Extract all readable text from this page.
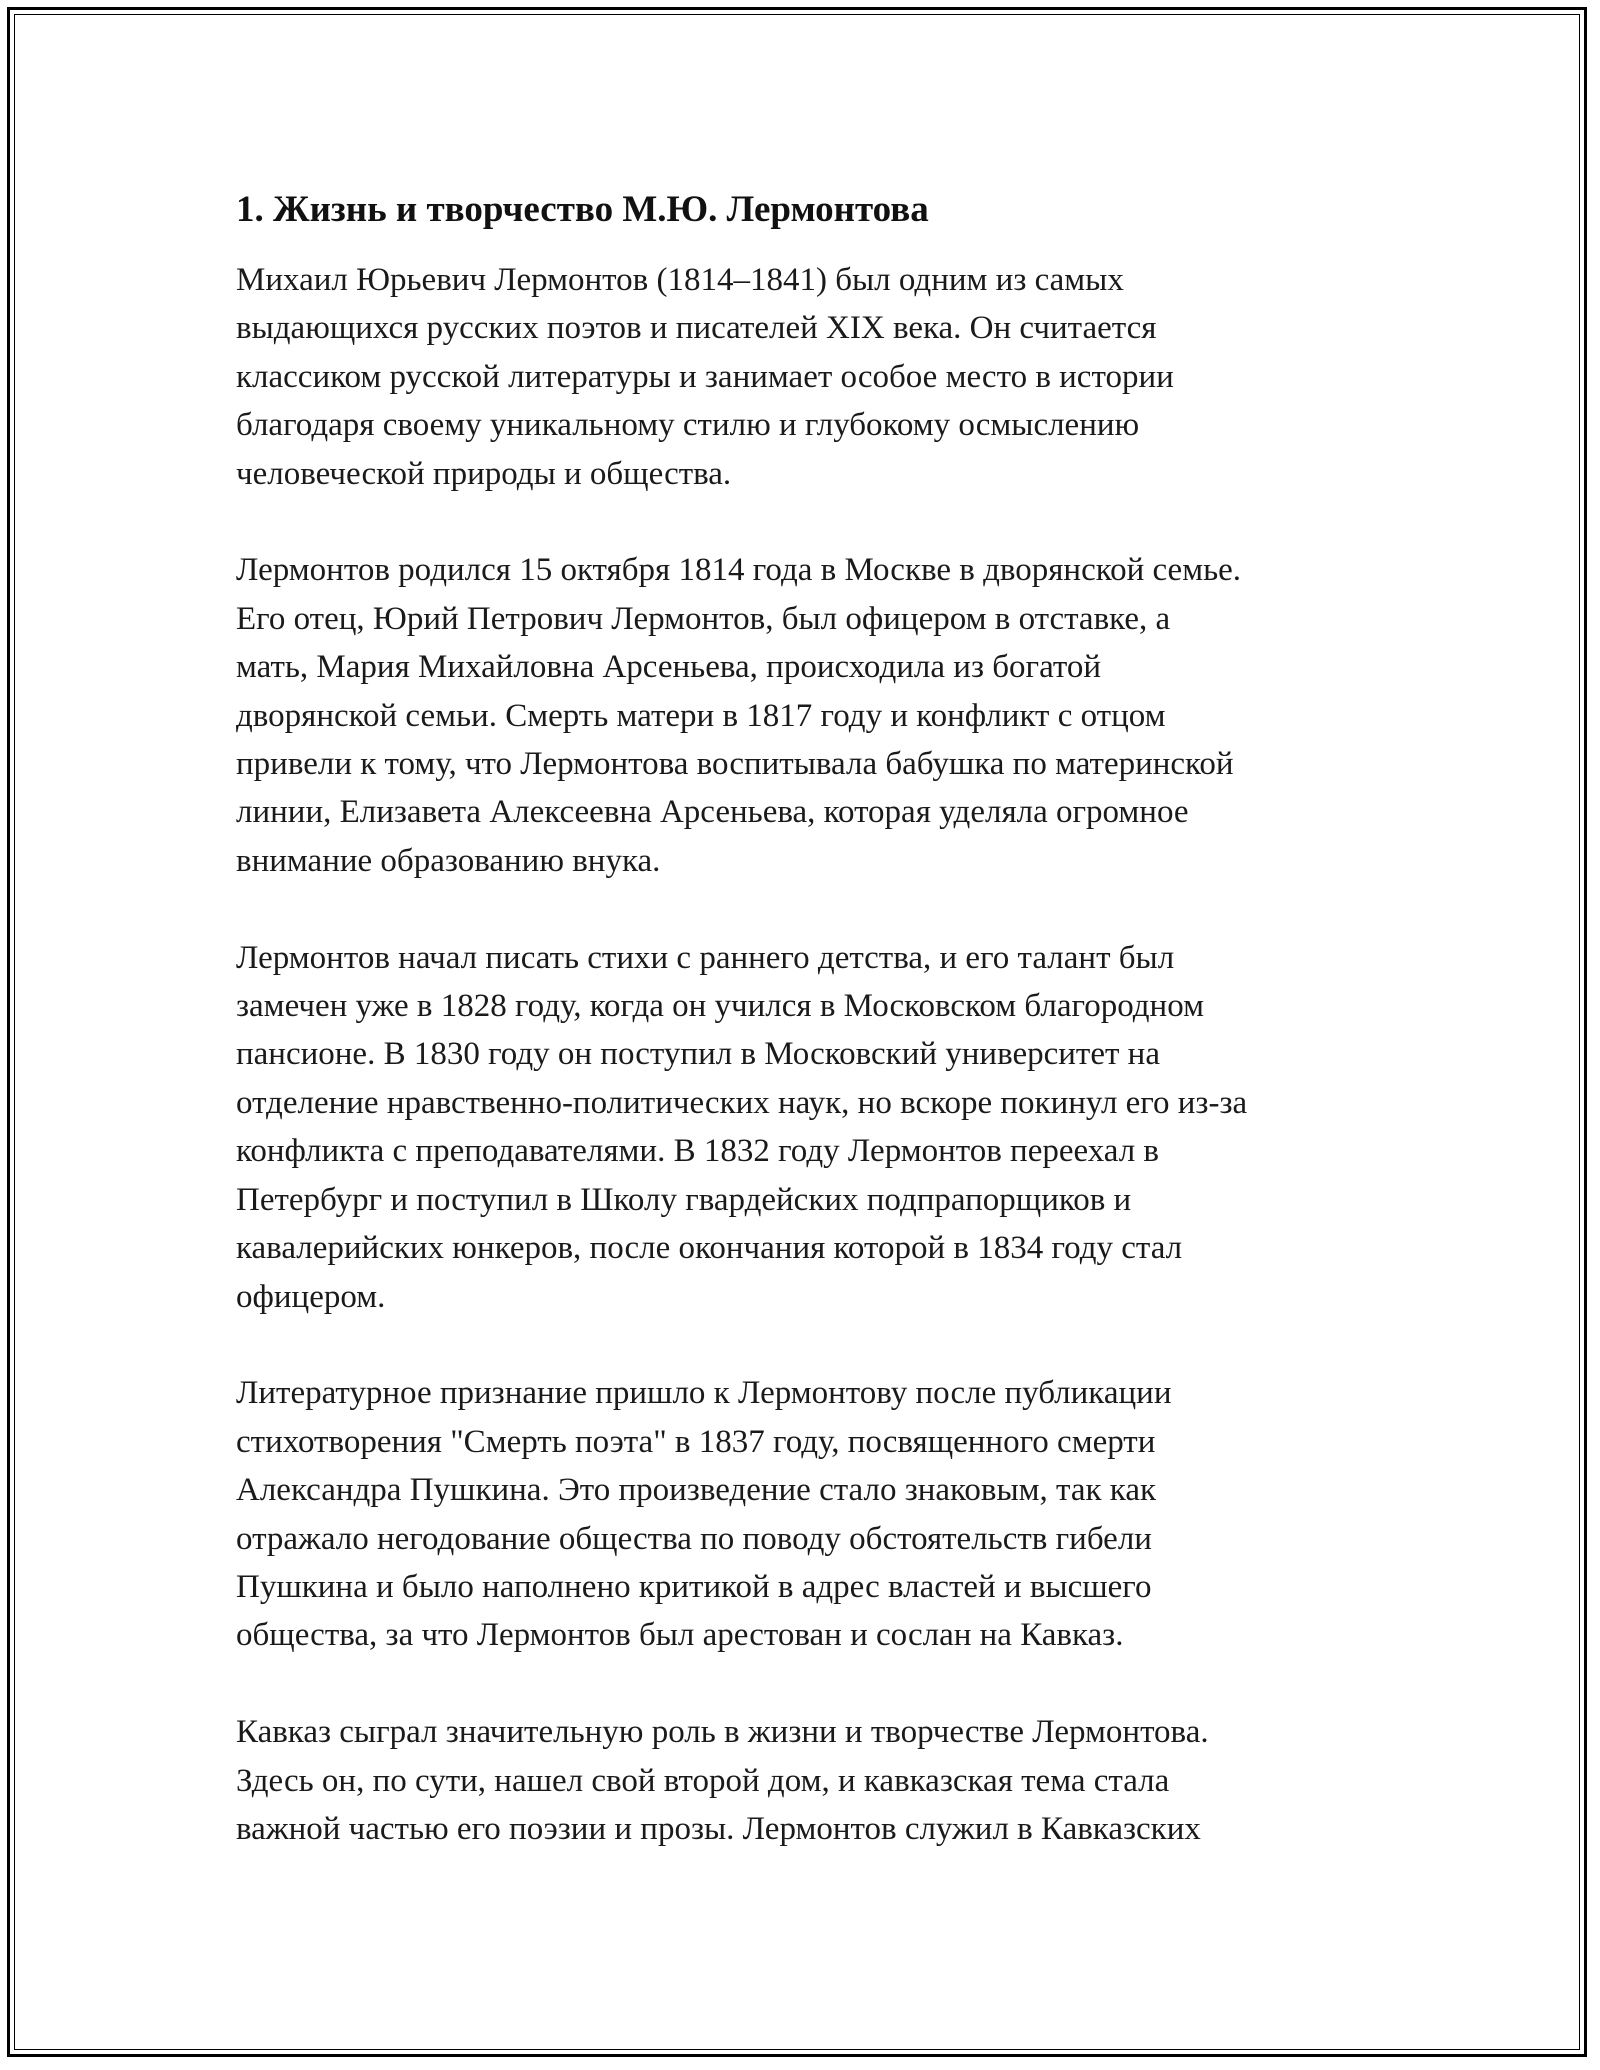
1. Жизнь и творчество М.Ю. Лермонтова

Михаил Юрьевич Лермонтов (1814–1841) был одним из самых
выдающихся русских поэтов и писателей XIX века. Он считается
классиком русской литературы и занимает особое место в истории
благодаря своему уникальному стилю и глубокому осмыслению
человеческой природы и общества.

Лермонтов родился 15 октября 1814 года в Москве в дворянской семье.
Его отец, Юрий Петрович Лермонтов, был офицером в отставке, а
мать, Мария Михайловна Арсеньева, происходила из богатой
дворянской семьи. Смерть матери в 1817 году и конфликт с отцом
привели к тому, что Лермонтова воспитывала бабушка по материнской
линии, Елизавета Алексеевна Арсеньева, которая уделяла огромное
внимание образованию внука.

Лермонтов начал писать стихи с раннего детства, и его талант был
замечен уже в 1828 году, когда он учился в Московском благородном
пансионе. В 1830 году он поступил в Московский университет на
отделение нравственно-политических наук, но вскоре покинул его из-за
конфликта с преподавателями. В 1832 году Лермонтов переехал в
Петербург и поступил в Школу гвардейских подпрапорщиков и
кавалерийских юнкеров, после окончания которой в 1834 году стал
офицером.

Литературное признание пришло к Лермонтову после публикации
стихотворения "Смерть поэта" в 1837 году, посвященного смерти
Александра Пушкина. Это произведение стало знаковым, так как
отражало негодование общества по поводу обстоятельств гибели
Пушкина и было наполнено критикой в адрес властей и высшего
общества, за что Лермонтов был арестован и сослан на Кавказ.

Кавказ сыграл значительную роль в жизни и творчестве Лермонтова.
Здесь он, по сути, нашел свой второй дом, и кавказская тема стала
важной частью его поэзии и прозы. Лермонтов служил в Кавказских
